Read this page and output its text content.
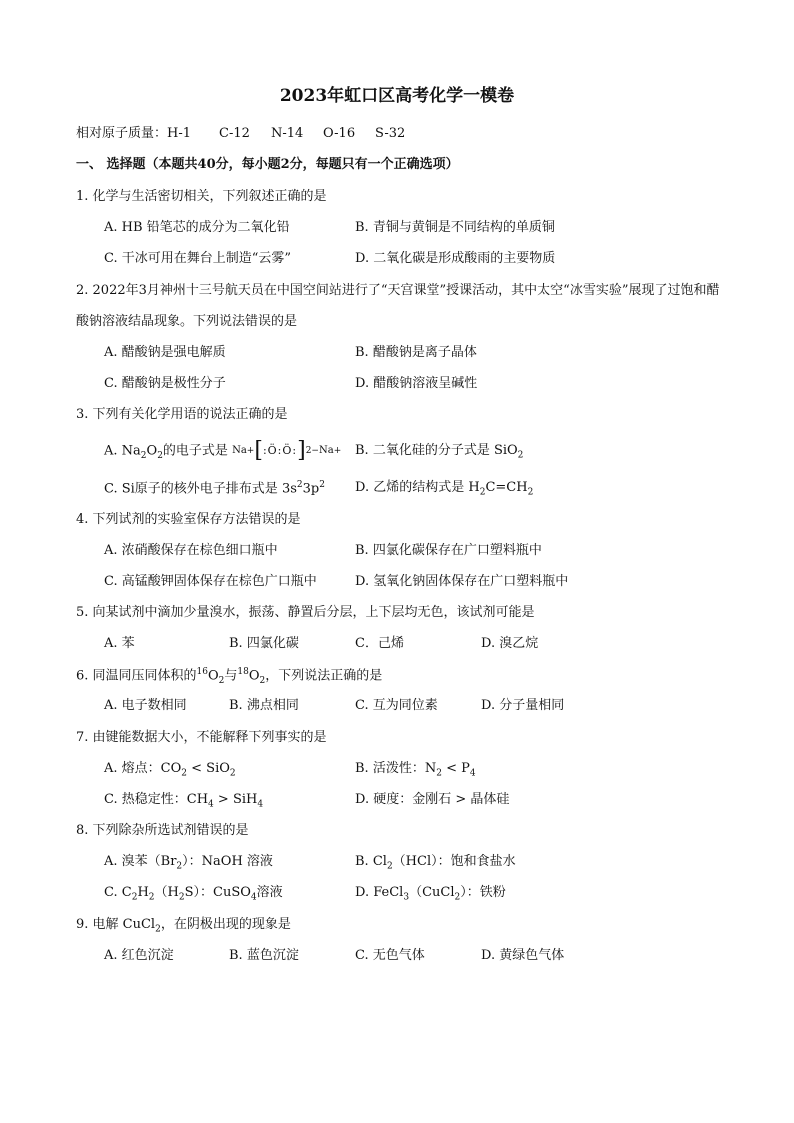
2023年虹口区高考化学一模卷
相对原子质量：H-1 C-12 N-14 O-16 S-32
一、 选择题（本题共40分，每小题2分，每题只有一个正确选项）
1. 化学与生活密切相关，下列叙述正确的是
A. HB 铅笔芯的成分为二氧化铅	B. 青铜与黄铜是不同结构的单质铜
C. 干冰可用在舞台上制造“云雾”	D. 二氧化碳是形成酸雨的主要物质
2. 2022年3月神州十三号航天员在中国空间站进行了“天宫课堂”授课活动，其中太空“冰雪实验”展现了过饱和醋酸钠溶液结晶现象。下列说法错误的是
A. 醋酸钠是强电解质	B. 醋酸钠是离子晶体
C. 醋酸钠是极性分子	D. 醋酸钠溶液呈碱性
3. 下列有关化学用语的说法正确的是
A. $Na_2O_2$的电子式是 Na + [ :Ö:Ö: ] 2− Na + B. 二氧化硅的分子式是 SiO$_2$
C. Si原子的核外电子排布式是 $3s^23p^2$ D. 乙烯的结构式是 $H_2C=CH_2$
4. 下列试剂的实验室保存方法错误的是
A. 浓硝酸保存在棕色细口瓶中	B. 四氯化碳保存在广口塑料瓶中
C. 高锰酸钾固体保存在棕色广口瓶中	D. 氢氧化钠固体保存在广口塑料瓶中
5. 向某试剂中滴加少量溴水，振荡、静置后分层，上下层均无色，该试剂可能是
A. 苯	B. 四氯化碳	C．己烯	D. 溴乙烷
6. 同温同压同体积的$^{16}O_2$与$^{18}O_2$，下列说法正确的是
A. 电子数相同	B. 沸点相同	C. 互为同位素	D. 分子量相同
7. 由键能数据大小，不能解释下列事实的是
A. 熔点：$CO_2 < SiO_2$	B. 活泼性：$N_2 < P_4$
C. 热稳定性：$CH_4 > SiH_4$	D. 硬度：金刚石 > 晶体硅
8. 下列除杂所选试剂错误的是
A. 溴苯$(Br_2)$：NaOH 溶液	B. $Cl_2(HCl)$：饱和食盐水
C. $C_2H_2(H_2S)$：CuSO$_4$溶液	D. FeCl$_3$（CuCl$_2$）：铁粉
9. 电解 CuCl$_2$，在阴极出现的现象是
A. 红色沉淀	B. 蓝色沉淀	C. 无色气体	D. 黄绿色气体
